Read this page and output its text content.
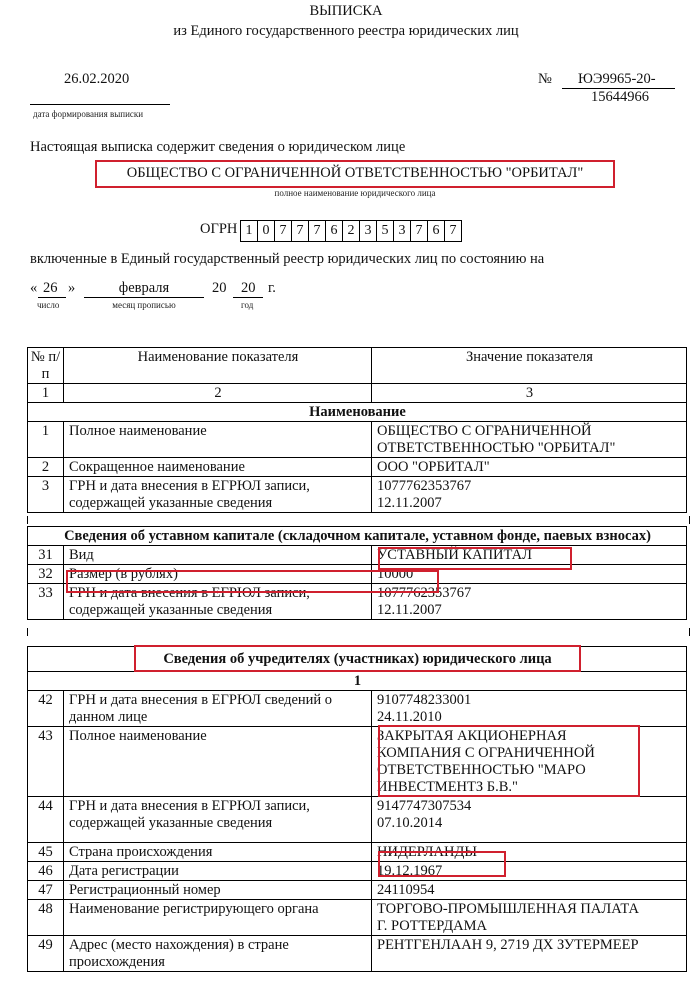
ВЫПИСКА
из Единого государственного реестра юридических лиц
26.02.2020
дата формирования выписки
№ ЮЭ9965-20-
15644966
Настоящая выписка содержит сведения о юридическом лице
ОБЩЕСТВО С ОГРАНИЧЕННОЙ ОТВЕТСТВЕННОСТЬЮ "ОРБИТАЛ"
полное наименование юридического лица
ОГРН 1 0 7 7 7 6 2 3 5 3 7 6 7
включенные в Единый государственный реестр юридических лиц по состоянию на
« 26 »
число
февраля
месяц прописью
20 20 г.
год
№ п/п	Наименование показателя	Значение показателя
1	2	3
Наименование		
1	Полное наименование	ОБЩЕСТВО С ОГРАНИЧЕННОЙ ОТВЕТСТВЕННОСТЬЮ "ОРБИТАЛ"
2	Сокращенное наименование	ООО "ОРБИТАЛ"
3	ГРН и дата внесения в ЕГРЮЛ записи, содержащей указанные сведения	1077762353767
12.11.2007
Сведения об уставном капитале (складочном капитале, уставном фонде, паевых взносах)		
31	Вид	УСТАВНЫЙ КАПИТАЛ
32	Размер (в рублях)	10000
33	ГРН и дата внесения в ЕГРЮЛ записи, содержащей указанные сведения	1077762353767
12.11.2007
Сведения об учредителях (участниках) юридического лица		
1		
42	ГРН и дата внесения в ЕГРЮЛ сведений о данном лице	9107748233001
24.11.2010

43	Полное наименование	ЗАКРЫТАЯ АКЦИОНЕРНАЯ КОМПАНИЯ С ОГРАНИЧЕННОЙ ОТВЕТСТВЕННОСТЬЮ "МАРО ИНВЕСТМЕНТЗ Б.В."
44	ГРН и дата внесения в ЕГРЮЛ записи, содержащей указанные сведения	9147747307534
07.10.2014

45	Страна происхождения	НИДЕРЛАНДЫ
46	Дата регистрации	19.12.1967
47	Регистрационный номер	24110954
48	Наименование регистрирующего органа	ТОРГОВО-ПРОМЫШЛЕННАЯ ПАЛАТА Г. РОТТЕРДАМА
49	Адрес (место нахождения) в стране происхождения	РЕНТГЕНЛААН 9, 2719 ДХ ЗУТЕРМЕЕР
